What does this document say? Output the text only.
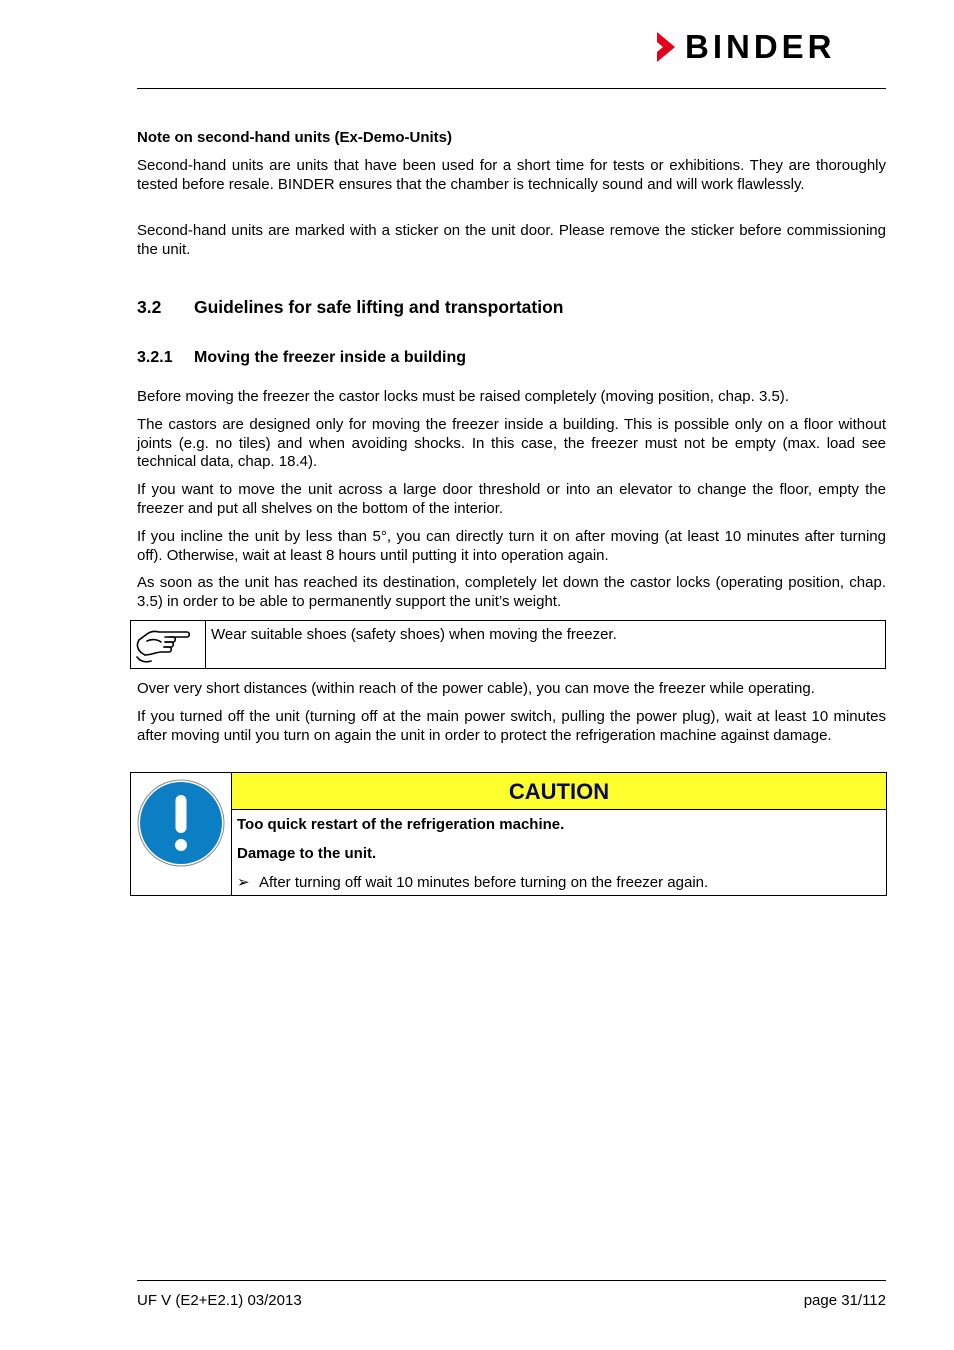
BINDER
Note on second-hand units (Ex-Demo-Units)
Second-hand units are units that have been used for a short time for tests or exhibitions. They are thoroughly tested before resale. BINDER ensures that the chamber is technically sound and will work flawlessly.
Second-hand units are marked with a sticker on the unit door. Please remove the sticker before commissioning the unit.
3.2 Guidelines for safe lifting and transportation
3.2.1 Moving the freezer inside a building
Before moving the freezer the castor locks must be raised completely (moving position, chap. 3.5).
The castors are designed only for moving the freezer inside a building. This is possible only on a floor without joints (e.g. no tiles) and when avoiding shocks. In this case, the freezer must not be empty (max. load see technical data, chap. 18.4).
If you want to move the unit across a large door threshold or into an elevator to change the floor, empty the freezer and put all shelves on the bottom of the interior.
If you incline the unit by less than 5°, you can directly turn it on after moving (at least 10 minutes after turning off). Otherwise, wait at least 8 hours until putting it into operation again.
As soon as the unit has reached its destination, completely let down the castor locks (operating position, chap. 3.5) in order to be able to permanently support the unit’s weight.
Wear suitable shoes (safety shoes) when moving the freezer.
Over very short distances (within reach of the power cable), you can move the freezer while operating.
If you turned off the unit (turning off at the main power switch, pulling the power plug), wait at least 10 minutes after moving until you turn on again the unit in order to protect the refrigeration machine against damage.
CAUTION
Too quick restart of the refrigeration machine.
Damage to the unit.
➢ After turning off wait 10 minutes before turning on the freezer again.
UF V (E2+E2.1) 03/2013	page 31/112
